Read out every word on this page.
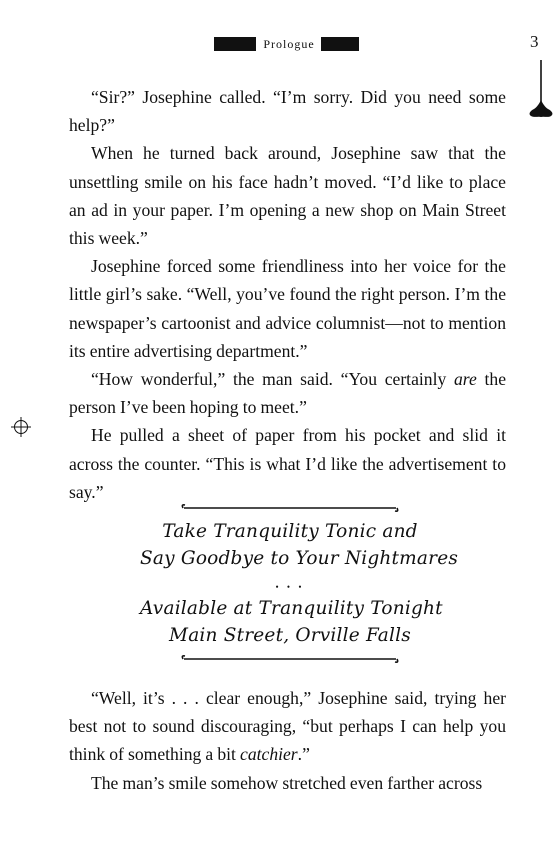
Prologue	3

“Sir?” Josephine called. “I’m sorry. Did you need some help?”

When he turned back around, Josephine saw that the unsettling smile on his face hadn’t moved. “I’d like to place an ad in your paper. I’m opening a new shop on Main Street this week.”

Josephine forced some friendliness into her voice for the little girl’s sake. “Well, you’ve found the right person. I’m the newspaper’s cartoonist and advice columnist—not to mention its entire advertising department.”

“How wonderful,” the man said. “You certainly are the person I’ve been hoping to meet.”

He pulled a sheet of paper from his pocket and slid it across the counter. “This is what I’d like the advertisement to say.”

Take Tranquility Tonic and
Say Goodbye to Your Nightmares
• • •
Available at Tranquility Tonight
Main Street, Orville Falls

“Well, it’s . . . clear enough,” Josephine said, trying her best not to sound discouraging, “but perhaps I can help you think of something a bit catchier.”

The man’s smile somehow stretched even farther across
